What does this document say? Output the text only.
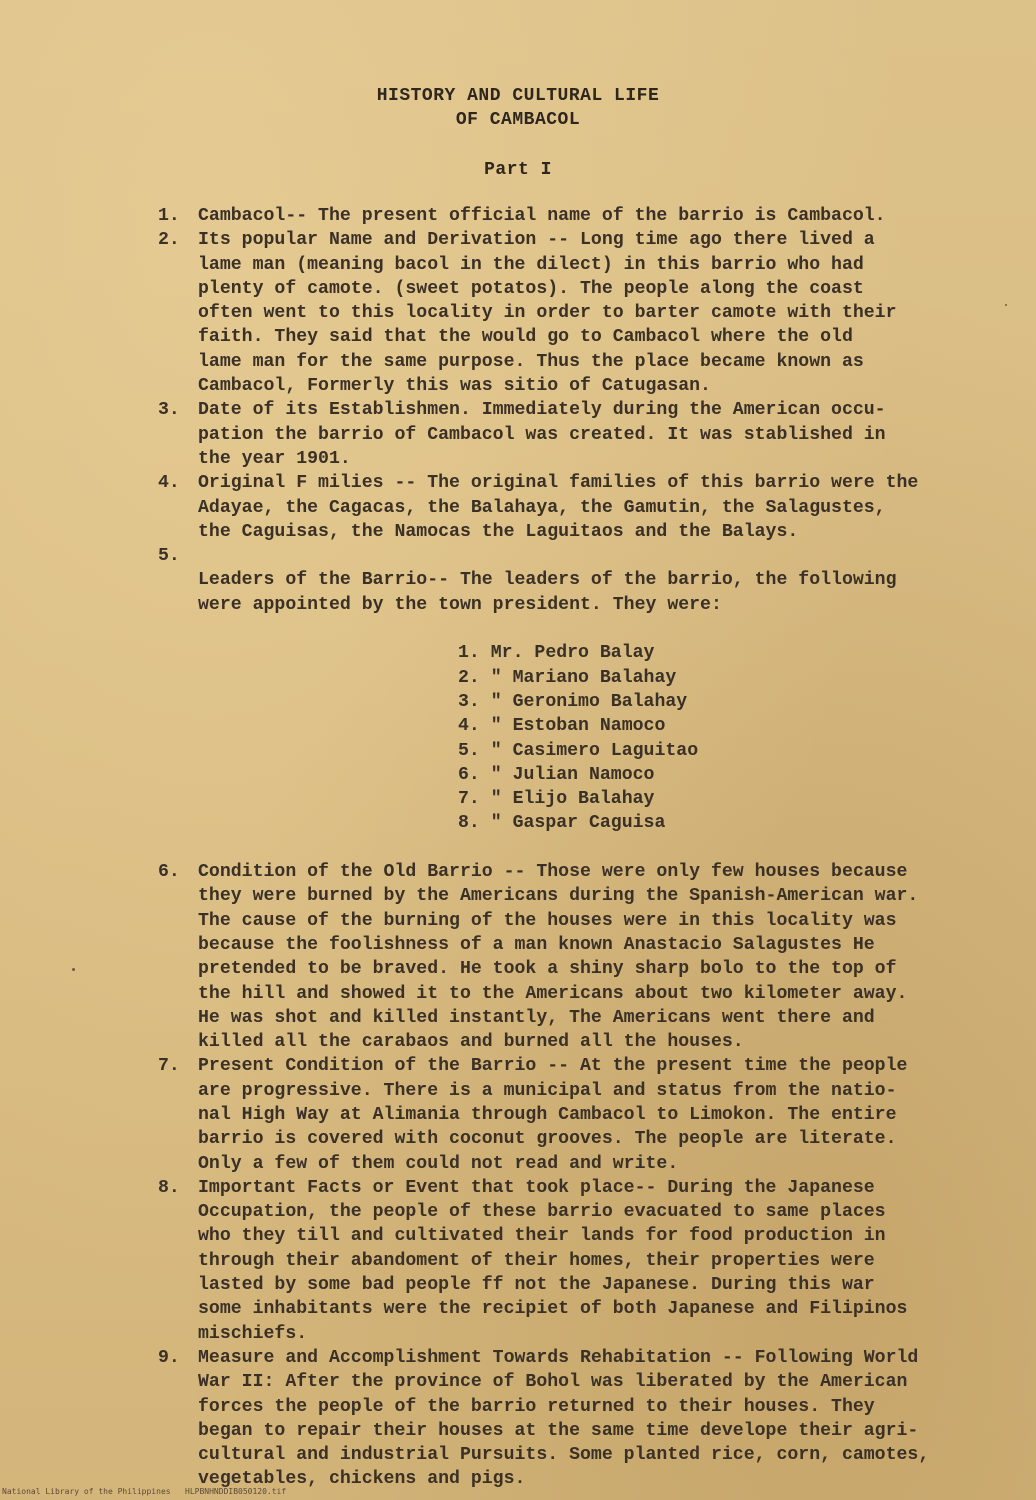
HISTORY AND CULTURAL LIFE
OF CAMBACOL
Part I
1. Cambacol-- The present official name of the barrio is Cambacol.
2. Its popular Name and Derivation -- Long time ago there lived a
lame man (meaning bacol in the dilect) in this barrio who had
plenty of camote. (sweet potatos). The people along the coast
often went to this locality in order to barter camote with their
faith. They said that the would go to Cambacol where the old
lame man for the same purpose. Thus the place became known as
Cambacol, Formerly this was sitio of Catugasan.
3. Date of its Establishmen. Immediately during the American occu-
pation the barrio of Cambacol was created. It was stablished in
the year 1901.
4. Original F milies -- The original families of this barrio were the
Adayae, the Cagacas, the Balahaya, the Gamutin, the Salagustes,
the Caguisas, the Namocas the Laguitaos and the Balays.
5.

Leaders of the Barrio-- The leaders of the barrio, the following
were appointed by the town president. They were:

1. Mr. Pedro Balay
2. " Mariano Balahay
3. " Geronimo Balahay
4. " Estoban Namoco
5. " Casimero Laguitao
6. " Julian Namoco
7. " Elijo Balahay
8. " Gaspar Caguisa

6. Condition of the Old Barrio -- Those were only few houses because
they were burned by the Americans during the Spanish-American war.
The cause of the burning of the houses were in this locality was
because the foolishness of a man known Anastacio Salagustes He
pretended to be braved. He took a shiny sharp bolo to the top of
the hill and showed it to the Americans about two kilometer away.
He was shot and killed instantly, The Americans went there and
killed all the carabaos and burned all the houses.
7. Present Condition of the Barrio -- At the present time the people
are progressive. There is a municipal and status from the natio-
nal High Way at Alimania through Cambacol to Limokon. The entire
barrio is covered with coconut grooves. The people are literate.
Only a few of them could not read and write.
8. Important Facts or Event that took place-- During the Japanese
Occupation, the people of these barrio evacuated to same places
who they till and cultivated their lands for food production in
through their abandoment of their homes, their properties were
lasted by some bad people ff not the Japanese. During this war
some inhabitants were the recipiet of both Japanese and Filipinos
mischiefs.
9. Measure and Accomplishment Towards Rehabitation -- Following World
War II: After the province of Bohol was liberated by the American
forces the people of the barrio returned to their houses. They
began to repair their houses at the same time develope their agri-
cultural and industrial Pursuits. Some planted rice, corn, camotes,
vegetables, chickens and pigs.
National Library of the Philippines HLPBNHNDDIB050120.tif
